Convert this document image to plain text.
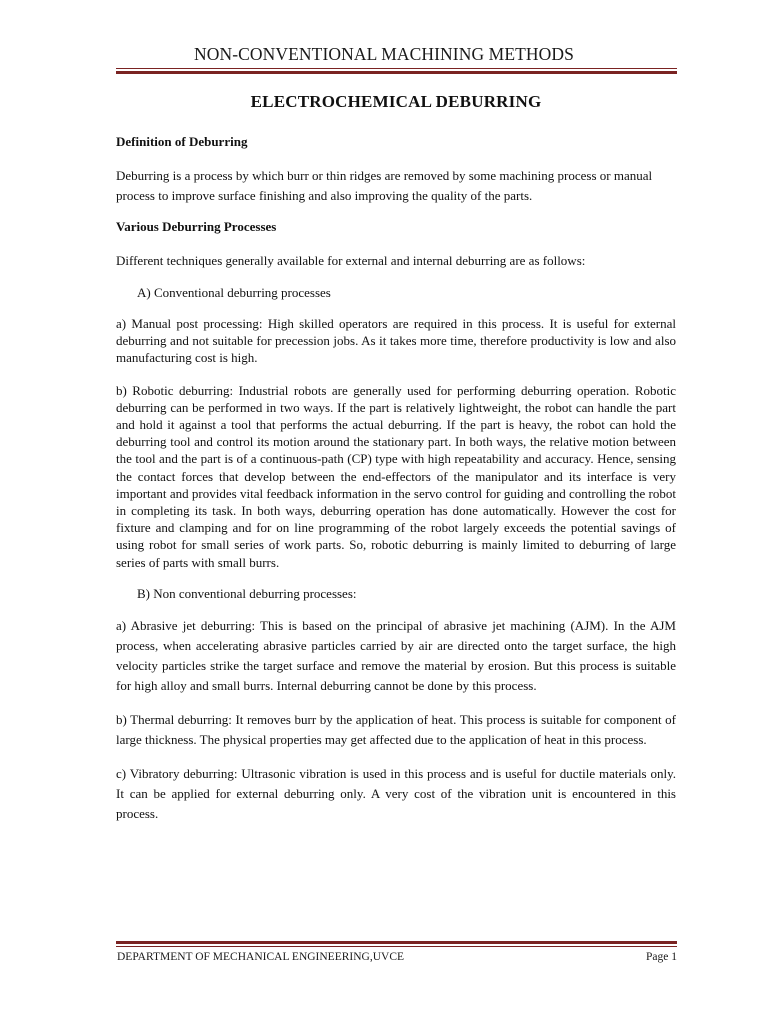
NON-CONVENTIONAL MACHINING METHODS
ELECTROCHEMICAL DEBURRING
Definition of Deburring

Deburring is a process by which burr or thin ridges are removed by some machining process or manual process to improve surface finishing and also improving the quality of the parts.

Various Deburring Processes

Different techniques generally available for external and internal deburring are as follows:

A) Conventional deburring processes

a) Manual post processing: High skilled operators are required in this process. It is useful for external deburring and not suitable for precession jobs. As it takes more time, therefore productivity is low and also manufacturing cost is high.

b) Robotic deburring: Industrial robots are generally used for performing deburring operation. Robotic deburring can be performed in two ways. If the part is relatively lightweight, the robot can handle the part and hold it against a tool that performs the actual deburring. If the part is heavy, the robot can hold the deburring tool and control its motion around the stationary part. In both ways, the relative motion between the tool and the part is of a continuous-path (CP) type with high repeatability and accuracy. Hence, sensing the contact forces that develop between the end-effectors of the manipulator and its interface is very important and provides vital feedback information in the servo control for guiding and controlling the robot in completing its task. In both ways, deburring operation has done automatically. However the cost for fixture and clamping and for on line programming of the robot largely exceeds the potential savings of using robot for small series of work parts. So, robotic deburring is mainly limited to deburring of large series of parts with small burrs.

B) Non conventional deburring processes:

a) Abrasive jet deburring: This is based on the principal of abrasive jet machining (AJM). In the AJM process, when accelerating abrasive particles carried by air are directed onto the target surface, the high velocity particles strike the target surface and remove the material by erosion. But this process is suitable for high alloy and small burrs. Internal deburring cannot be done by this process.

b) Thermal deburring: It removes burr by the application of heat. This process is suitable for component of large thickness. The physical properties may get affected due to the application of heat in this process.

c) Vibratory deburring: Ultrasonic vibration is used in this process and is useful for ductile materials only. It can be applied for external deburring only. A very cost of the vibration unit is encountered in this process.

DEPARTMENT OF MECHANICAL ENGINEERING,UVCE	Page 1
